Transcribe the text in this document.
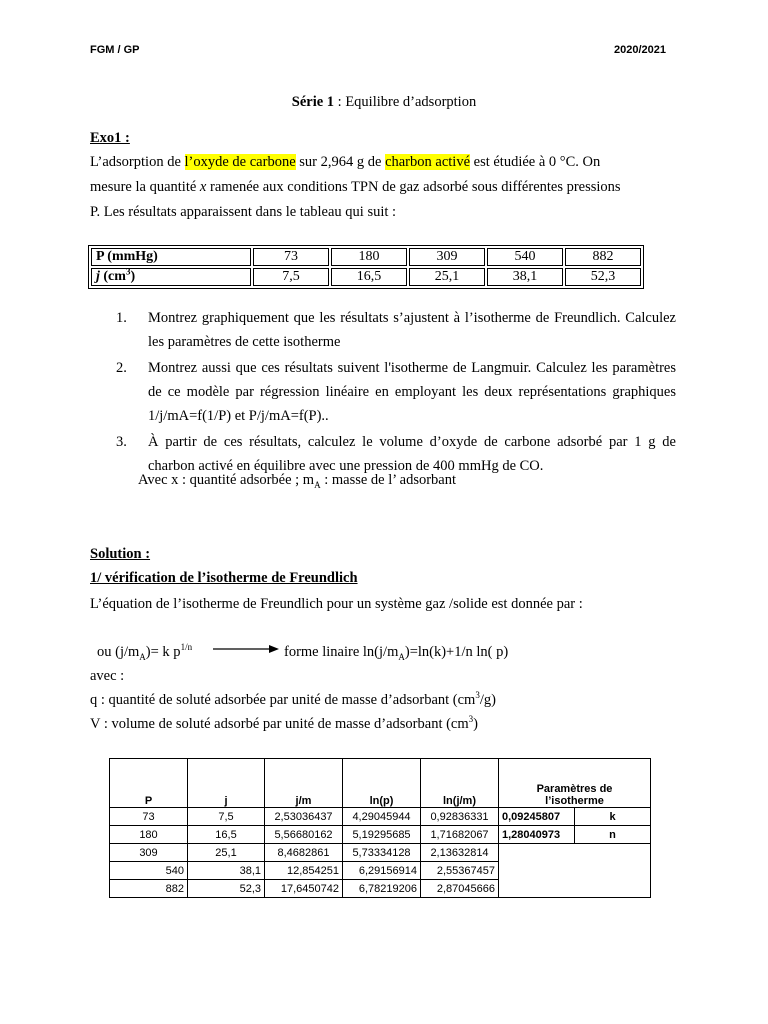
FGM / GP	2020/2021
Série 1 : Equilibre d’adsorption
Exo1 :
L’adsorption de l’oxyde de carbone sur 2,964 g de charbon activé est étudiée à 0 °C. On
mesure la quantité x ramenée aux conditions TPN de gaz adsorbé sous différentes pressions
P. Les résultats apparaissent dans le tableau qui suit :
P (mmHg)	73	180	309	540	882
j $(cm^3)$	7,5	16,5	25,1	38,1	52,3
1. Montrez graphiquement que les résultats s’ajustent à l’isotherme de Freundlich. Calculez les paramètres de cette isotherme
2. Montrez aussi que ces résultats suivent l'isotherme de Langmuir. Calculez les paramètres de ce modèle par régression linéaire en employant les deux représentations graphiques 1/j/mA=f(1/P) et P/j/mA=f(P)..
3. À partir de ces résultats, calculez le volume d’oxyde de carbone adsorbé par 1 g de charbon activé en équilibre avec une pression de 400 mmHg de CO.
Avec x : quantité adsorbée ; $m_A$ : masse de l’ adsorbant
Solution :
1/ vérification de l’isotherme de Freundlich
L’équation de l’isotherme de Freundlich pour un système gaz /solide est donnée par :
ou $(j/m_A)= k$ $p^{1/n}$	forme linaire $\ln(j/m_A)=\ln(k)+1/n$ ln( p)
avec :
q : quantité de soluté adsorbée par unité de masse d’adsorbant $(cm^3/g)$
V : volume de soluté adsorbé par unité de masse d’adsorbant $(cm^3)$
P	j	j/m	ln(p)	ln(j/m)	Paramètres de l’isotherme	
73	7,5	2,53036437	4,29045944	0,92836331	0,09245807	k
180	16,5	5,56680162	5,19295685	1,71682067	1,28040973	n
309	25,1	8,4682861	5,73334128	2,13632814		
540	38,1	12,854251	6,29156914	2,55367457		
882	52,3	17,6450742	6,78219206	2,87045666		
